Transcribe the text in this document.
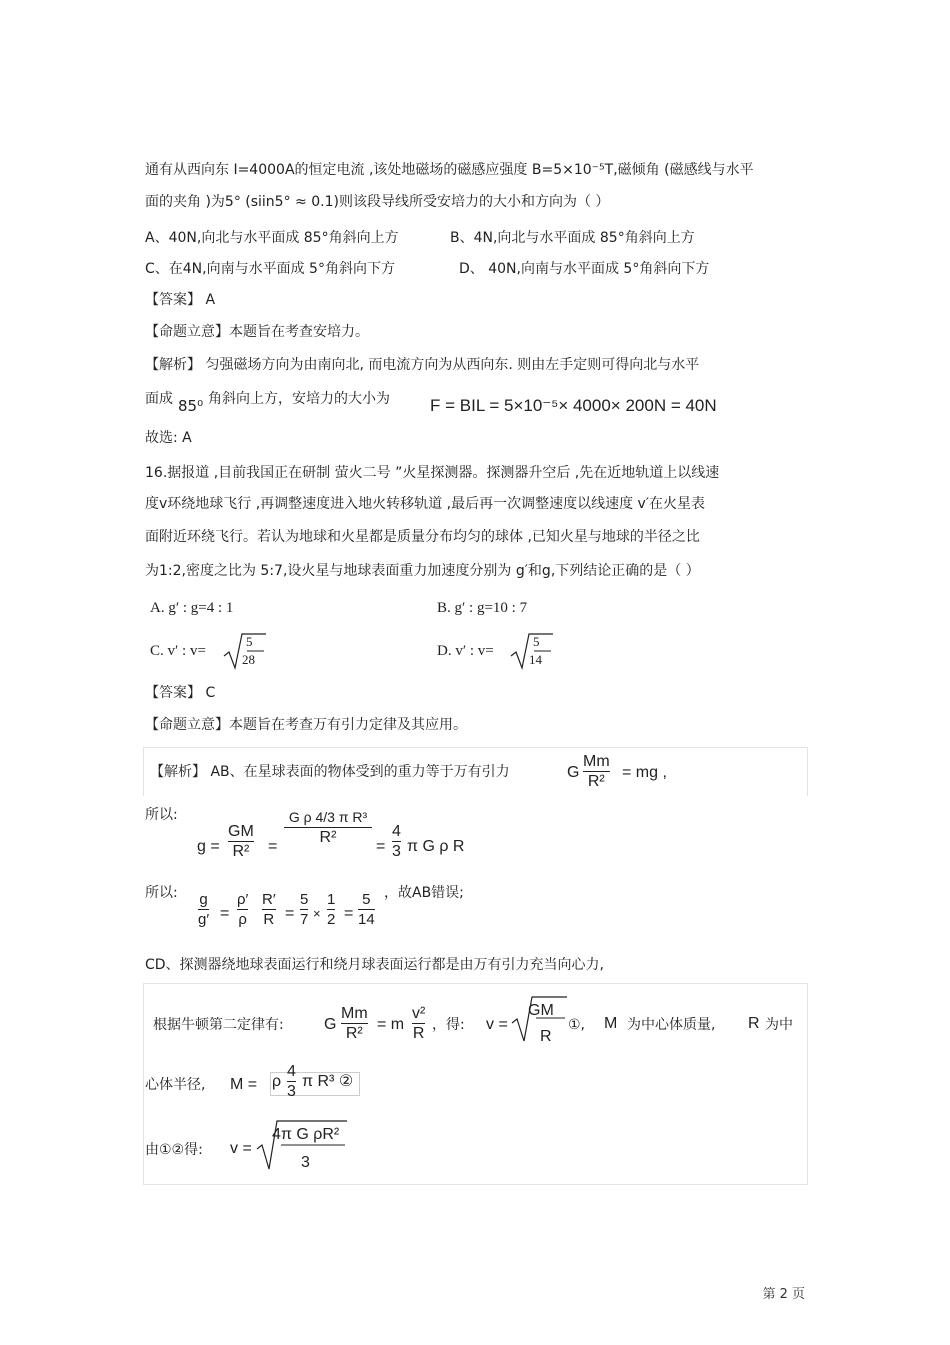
通有从西向东 I=4000A的恒定电流 ,该处地磁场的磁感应强度 B=5×10⁻⁵T,磁倾角 (磁感线与水平
面的夹角 )为5° (siin5° ≈ 0.1)则该段导线所受安培力的大小和方向为（ ）
A、40N,向北与水平面成 85°角斜向上方	B、4N,向北与水平面成 85°角斜向上方
C、在4N,向南与水平面成 5°角斜向下方	D、 40N,向南与水平面成 5°角斜向下方
【答案】 A
【命题立意】本题旨在考查安培力。
【解析】 匀强磁场方向为由南向北, 而电流方向为从西向东. 则由左手定则可得向北与水平
面成 85⁰ 角斜向上方，安培力的大小为 F = BIL = 5×10⁻⁵× 4000× 200N = 40N
故选: A
16.据报道 ,目前我国正在研制 萤火二号 ”火星探测器。探测器升空后 ,先在近地轨道上以线速
度v环绕地球飞行 ,再调整速度进入地火转移轨道 ,最后再一次调整速度以线速度 v′在火星表
面附近环绕飞行。若认为地球和火星都是质量分布均匀的球体 ,已知火星与地球的半径之比
为1:2,密度之比为 5:7,设火星与地球表面重力加速度分别为 g′和g,下列结论正确的是（ ）
A. g′ : g=4 : 1	B. g′ : g=10 : 7
C. v′ : v=
5
28
D. v′ : v=
5
14
【答案】 C
【命题立意】本题旨在考查万有引力定律及其应用。
【解析】 AB、在星球表面的物体受到的重力等于万有引力	G
Mm
R²
= mg ,
所以:
g =
GM
R² =
G ρ 4/3 π R³
R²
=
4
3 π G ρ R
所以: g
g′ =
ρ′
ρ
R′
R =
5
7 ×
1
2 =
5
14
，故AB错误;
CD、探测器绕地球表面运行和绕月球表面运行都是由万有引力充当向心力,
根据牛顿第二定律有:	G
Mm
R²
= m
v²
R ，得: v =
GM
R
①, M 为中心体质量, R 为中
心体半径, M = ρ
4
3
π R³ ②
由①②得: v =
4π G ρR²
3
第 2 页
